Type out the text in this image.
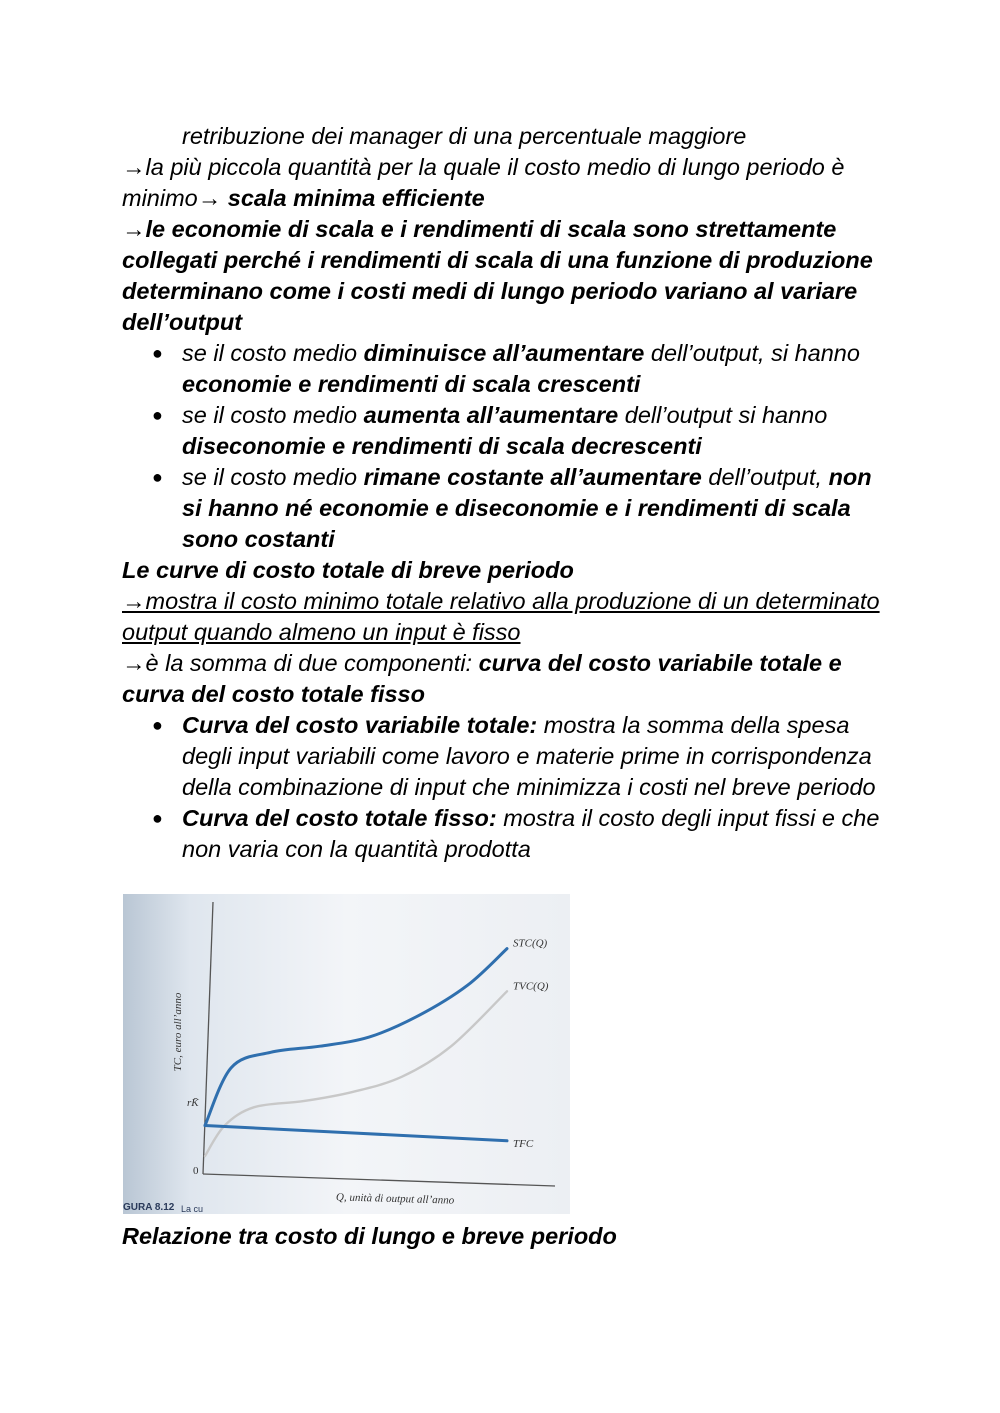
retribuzione dei manager di una percentuale maggiore
→la più piccola quantità per la quale il costo medio di lungo periodo è minimo→ scala minima efficiente
→le economie di scala e i rendimenti di scala sono strettamente collegati perché i rendimenti di scala di una funzione di produzione determinano come i costi medi di lungo periodo variano al variare dell’output
● se il costo medio diminuisce all’aumentare dell’output, si hanno economie e rendimenti di scala crescenti
● se il costo medio aumenta all’aumentare dell’output si hanno diseconomie e rendimenti di scala decrescenti
● se il costo medio rimane costante all’aumentare dell’output, non si hanno né economie e diseconomie e i rendimenti di scala sono costanti
Le curve di costo totale di breve periodo
→mostra il costo minimo totale relativo alla produzione di un determinato output quando almeno un input è fisso
→è la somma di due componenti: curva del costo variabile totale e curva del costo totale fisso
● Curva del costo variabile totale: mostra la somma della spesa degli input variabili come lavoro e materie prime in corrispondenza della combinazione di input che minimizza i costi nel breve periodo
● Curva del costo totale fisso: mostra il costo degli input fissi e che non varia con la quantità prodotta
TC, euro all’anno
Q, unità di output all’anno
0
rK̄
GURA 8.12 La cu
STC(Q)
TVC(Q)
TFC
Relazione tra costo di lungo e breve periodo
